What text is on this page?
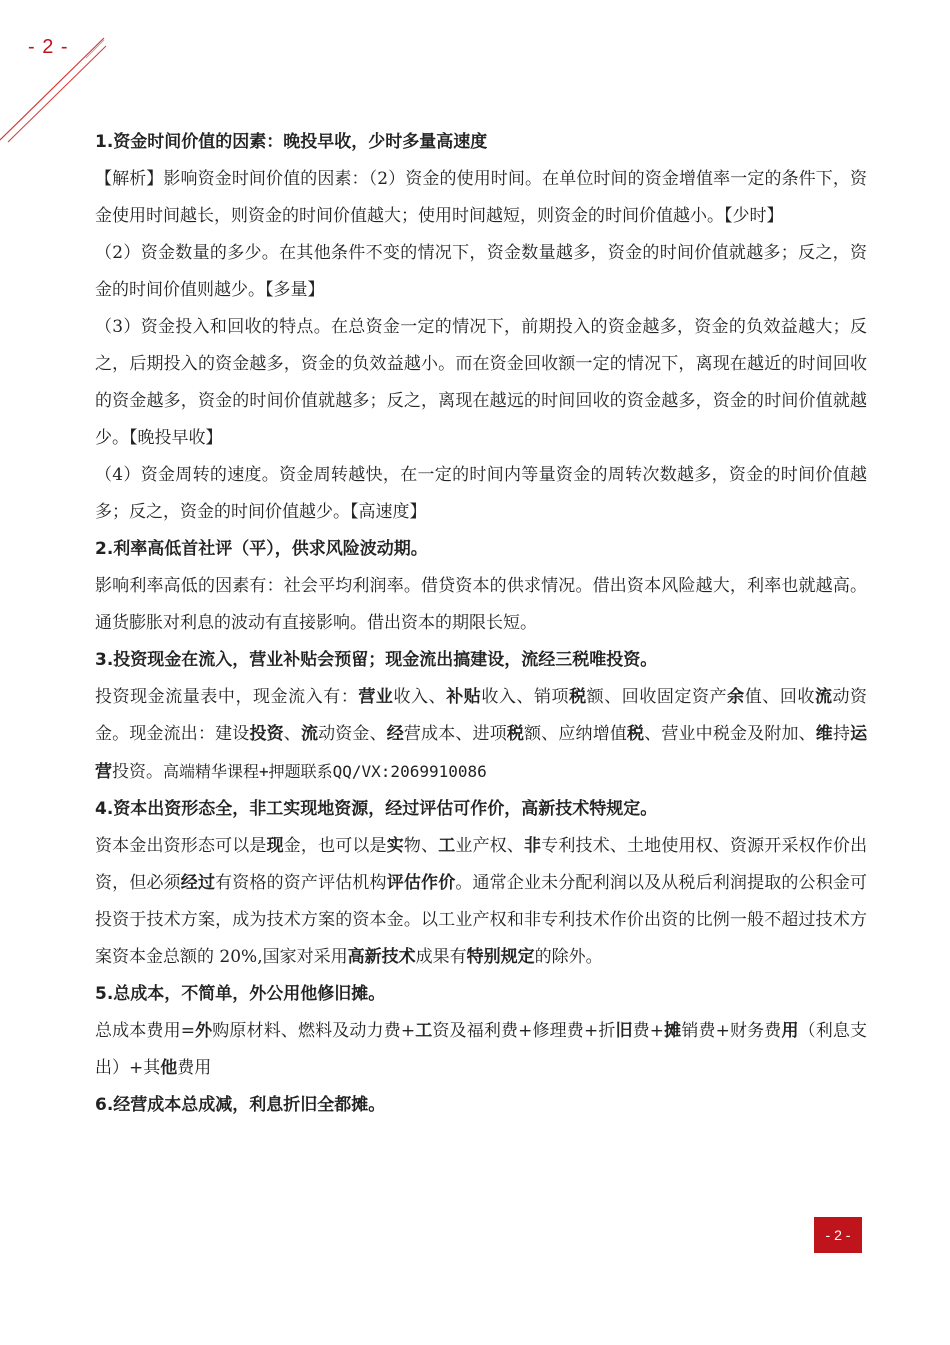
- 2 -

1.资金时间价值的因素：晚投早收，少时多量高速度

【解析】影响资金时间价值的因素：（2）资金的使用时间。在单位时间的资金增值率一定的条件下，资金使用时间越长，则资金的时间价值越大；使用时间越短，则资金的时间价值越小。【少时】

（2）资金数量的多少。在其他条件不变的情况下，资金数量越多，资金的时间价值就越多；反之，资金的时间价值则越少。【多量】

（3）资金投入和回收的特点。在总资金一定的情况下，前期投入的资金越多，资金的负效益越大；反之，后期投入的资金越多，资金的负效益越小。而在资金回收额一定的情况下，离现在越近的时间回收的资金越多，资金的时间价值就越多；反之，离现在越远的时间回收的资金越多，资金的时间价值就越少。【晚投早收】

（4）资金周转的速度。资金周转越快，在一定的时间内等量资金的周转次数越多，资金的时间价值越多；反之，资金的时间价值越少。【高速度】

2.利率高低首社评（平），供求风险波动期。

影响利率高低的因素有：社会平均利润率。借贷资本的供求情况。借出资本风险越大，利率也就越高。通货膨胀对利息的波动有直接影响。借出资本的期限长短。

3.投资现金在流入，营业补贴会预留；现金流出搞建设，流经三税唯投资。

投资现金流量表中，现金流入有：营业收入、补贴收入、销项税额、回收固定资产余值、回收流动资金。现金流出：建设投资、流动资金、经营成本、进项税额、应纳增值税、营业中税金及附加、维持运营投资。高端精华课程+押题联系QQ/VX:2069910086

4.资本出资形态全，非工实现地资源，经过评估可作价，高新技术特规定。

资本金出资形态可以是现金，也可以是实物、工业产权、非专利技术、土地使用权、资源开采权作价出资，但必须经过有资格的资产评估机构评估作价。通常企业未分配利润以及从税后利润提取的公积金可投资于技术方案，成为技术方案的资本金。以工业产权和非专利技术作价出资的比例一般不超过技术方案资本金总额的 20%,国家对采用高新技术成果有特别规定的除外。

5.总成本，不简单，外公用他修旧摊。

总成本费用=外购原材料、燃料及动力费+工资及福利费+修理费+折旧费+摊销费+财务费用（利息支出）+其他费用

6.经营成本总成减，利息折旧全都摊。

- 2 -
